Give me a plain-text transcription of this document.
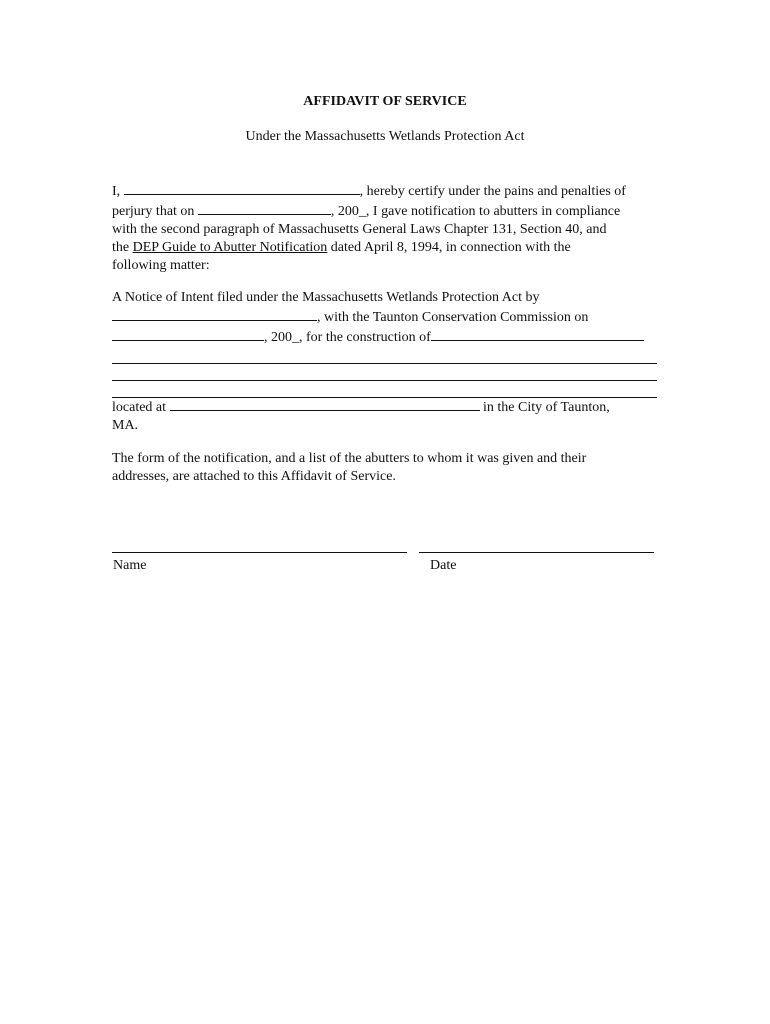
AFFIDAVIT OF SERVICE
Under the Massachusetts Wetlands Protection Act
I,	, hereby certify under the pains and penalties of
perjury that on	, 200_, I gave notification to abutters in compliance
with the second paragraph of Massachusetts General Laws Chapter 131, Section 40, and
the DEP Guide to Abutter Notification dated April 8, 1994, in connection with the
following matter:
A Notice of Intent filed under the Massachusetts Wetlands Protection Act by
, with the Taunton Conservation Commission on
, 200_, for the construction of
located at	in the City of Taunton,
MA.
The form of the notification, and a list of the abutters to whom it was given and their
addresses, are attached to this Affidavit of Service.
Name	Date
